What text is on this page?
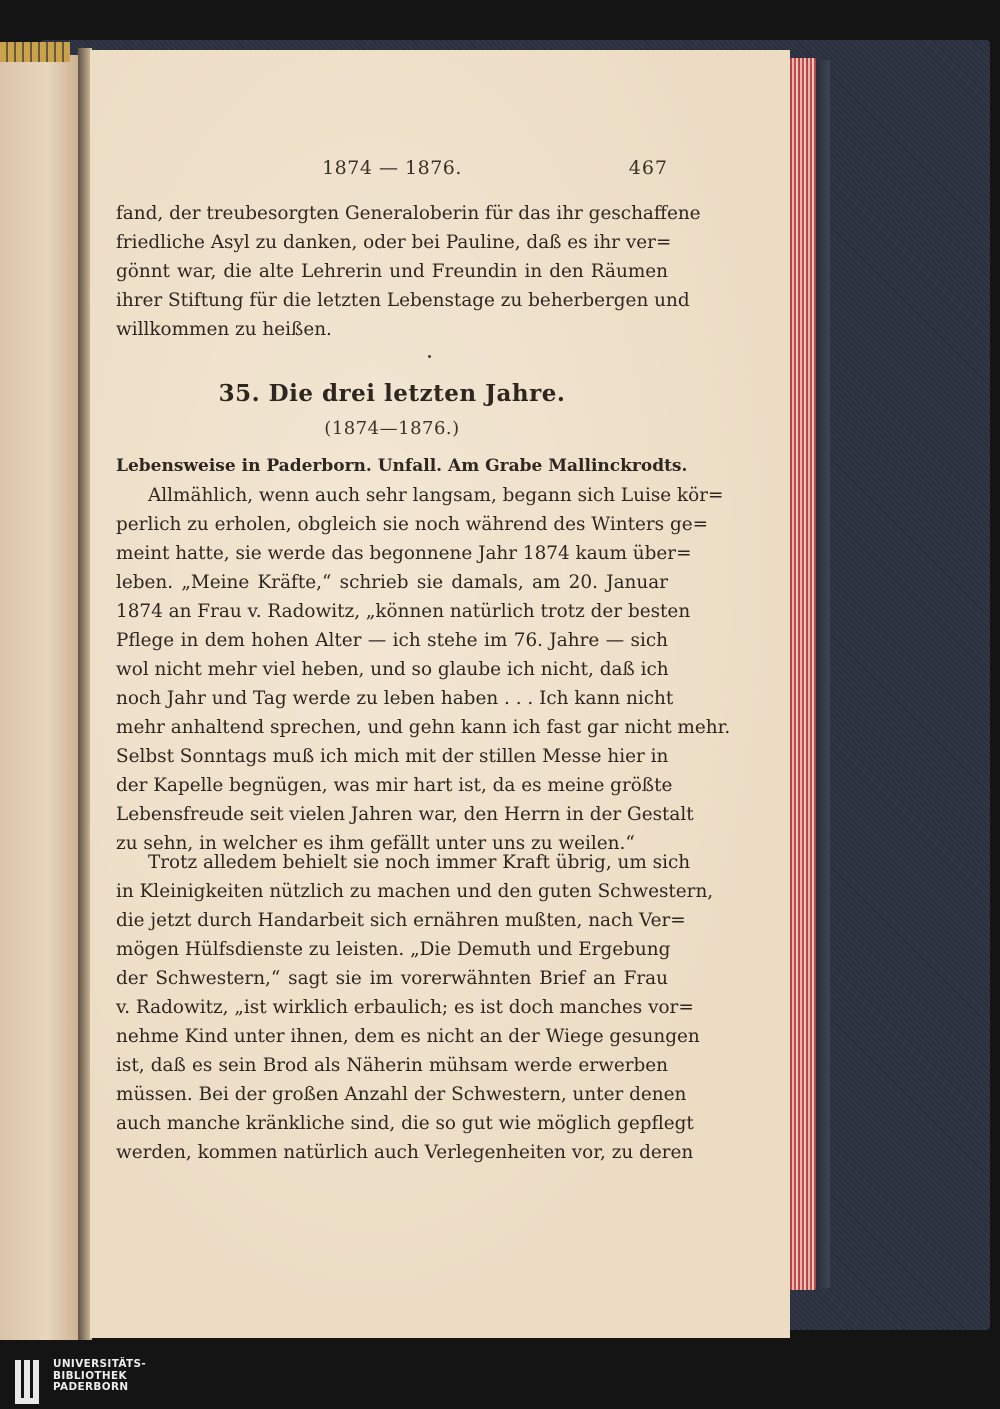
1874 — 1876.	467
fand, der treubesorgten Generaloberin für das ihr geschaffene
friedliche Asyl zu danken, oder bei Pauline, daß es ihr ver=
gönnt war, die alte Lehrerin und Freundin in den Räumen
ihrer Stiftung für die letzten Lebenstage zu beherbergen und
willkommen zu heißen.
35. Die drei letzten Jahre.
(1874—1876.)
Lebensweise in Paderborn. Unfall. Am Grabe Mallinckrodts.
Allmählich, wenn auch sehr langsam, begann sich Luise kör=
perlich zu erholen, obgleich sie noch während des Winters ge=
meint hatte, sie werde das begonnene Jahr 1874 kaum über=
leben. „Meine Kräfte,“ schrieb sie damals, am 20. Januar
1874 an Frau v. Radowitz, „können natürlich trotz der besten
Pflege in dem hohen Alter — ich stehe im 76. Jahre — sich
wol nicht mehr viel heben, und so glaube ich nicht, daß ich
noch Jahr und Tag werde zu leben haben . . . Ich kann nicht
mehr anhaltend sprechen, und gehn kann ich fast gar nicht mehr.
Selbst Sonntags muß ich mich mit der stillen Messe hier in
der Kapelle begnügen, was mir hart ist, da es meine größte
Lebensfreude seit vielen Jahren war, den Herrn in der Gestalt
zu sehn, in welcher es ihm gefällt unter uns zu weilen.“
Trotz alledem behielt sie noch immer Kraft übrig, um sich
in Kleinigkeiten nützlich zu machen und den guten Schwestern,
die jetzt durch Handarbeit sich ernähren mußten, nach Ver=
mögen Hülfsdienste zu leisten. „Die Demuth und Ergebung
der Schwestern,“ sagt sie im vorerwähnten Brief an Frau
v. Radowitz, „ist wirklich erbaulich; es ist doch manches vor=
nehme Kind unter ihnen, dem es nicht an der Wiege gesungen
ist, daß es sein Brod als Näherin mühsam werde erwerben
müssen. Bei der großen Anzahl der Schwestern, unter denen
auch manche kränkliche sind, die so gut wie möglich gepflegt
werden, kommen natürlich auch Verlegenheiten vor, zu deren
UNIVERSITÄTS-
BIBLIOTHEK
PADERBORN
